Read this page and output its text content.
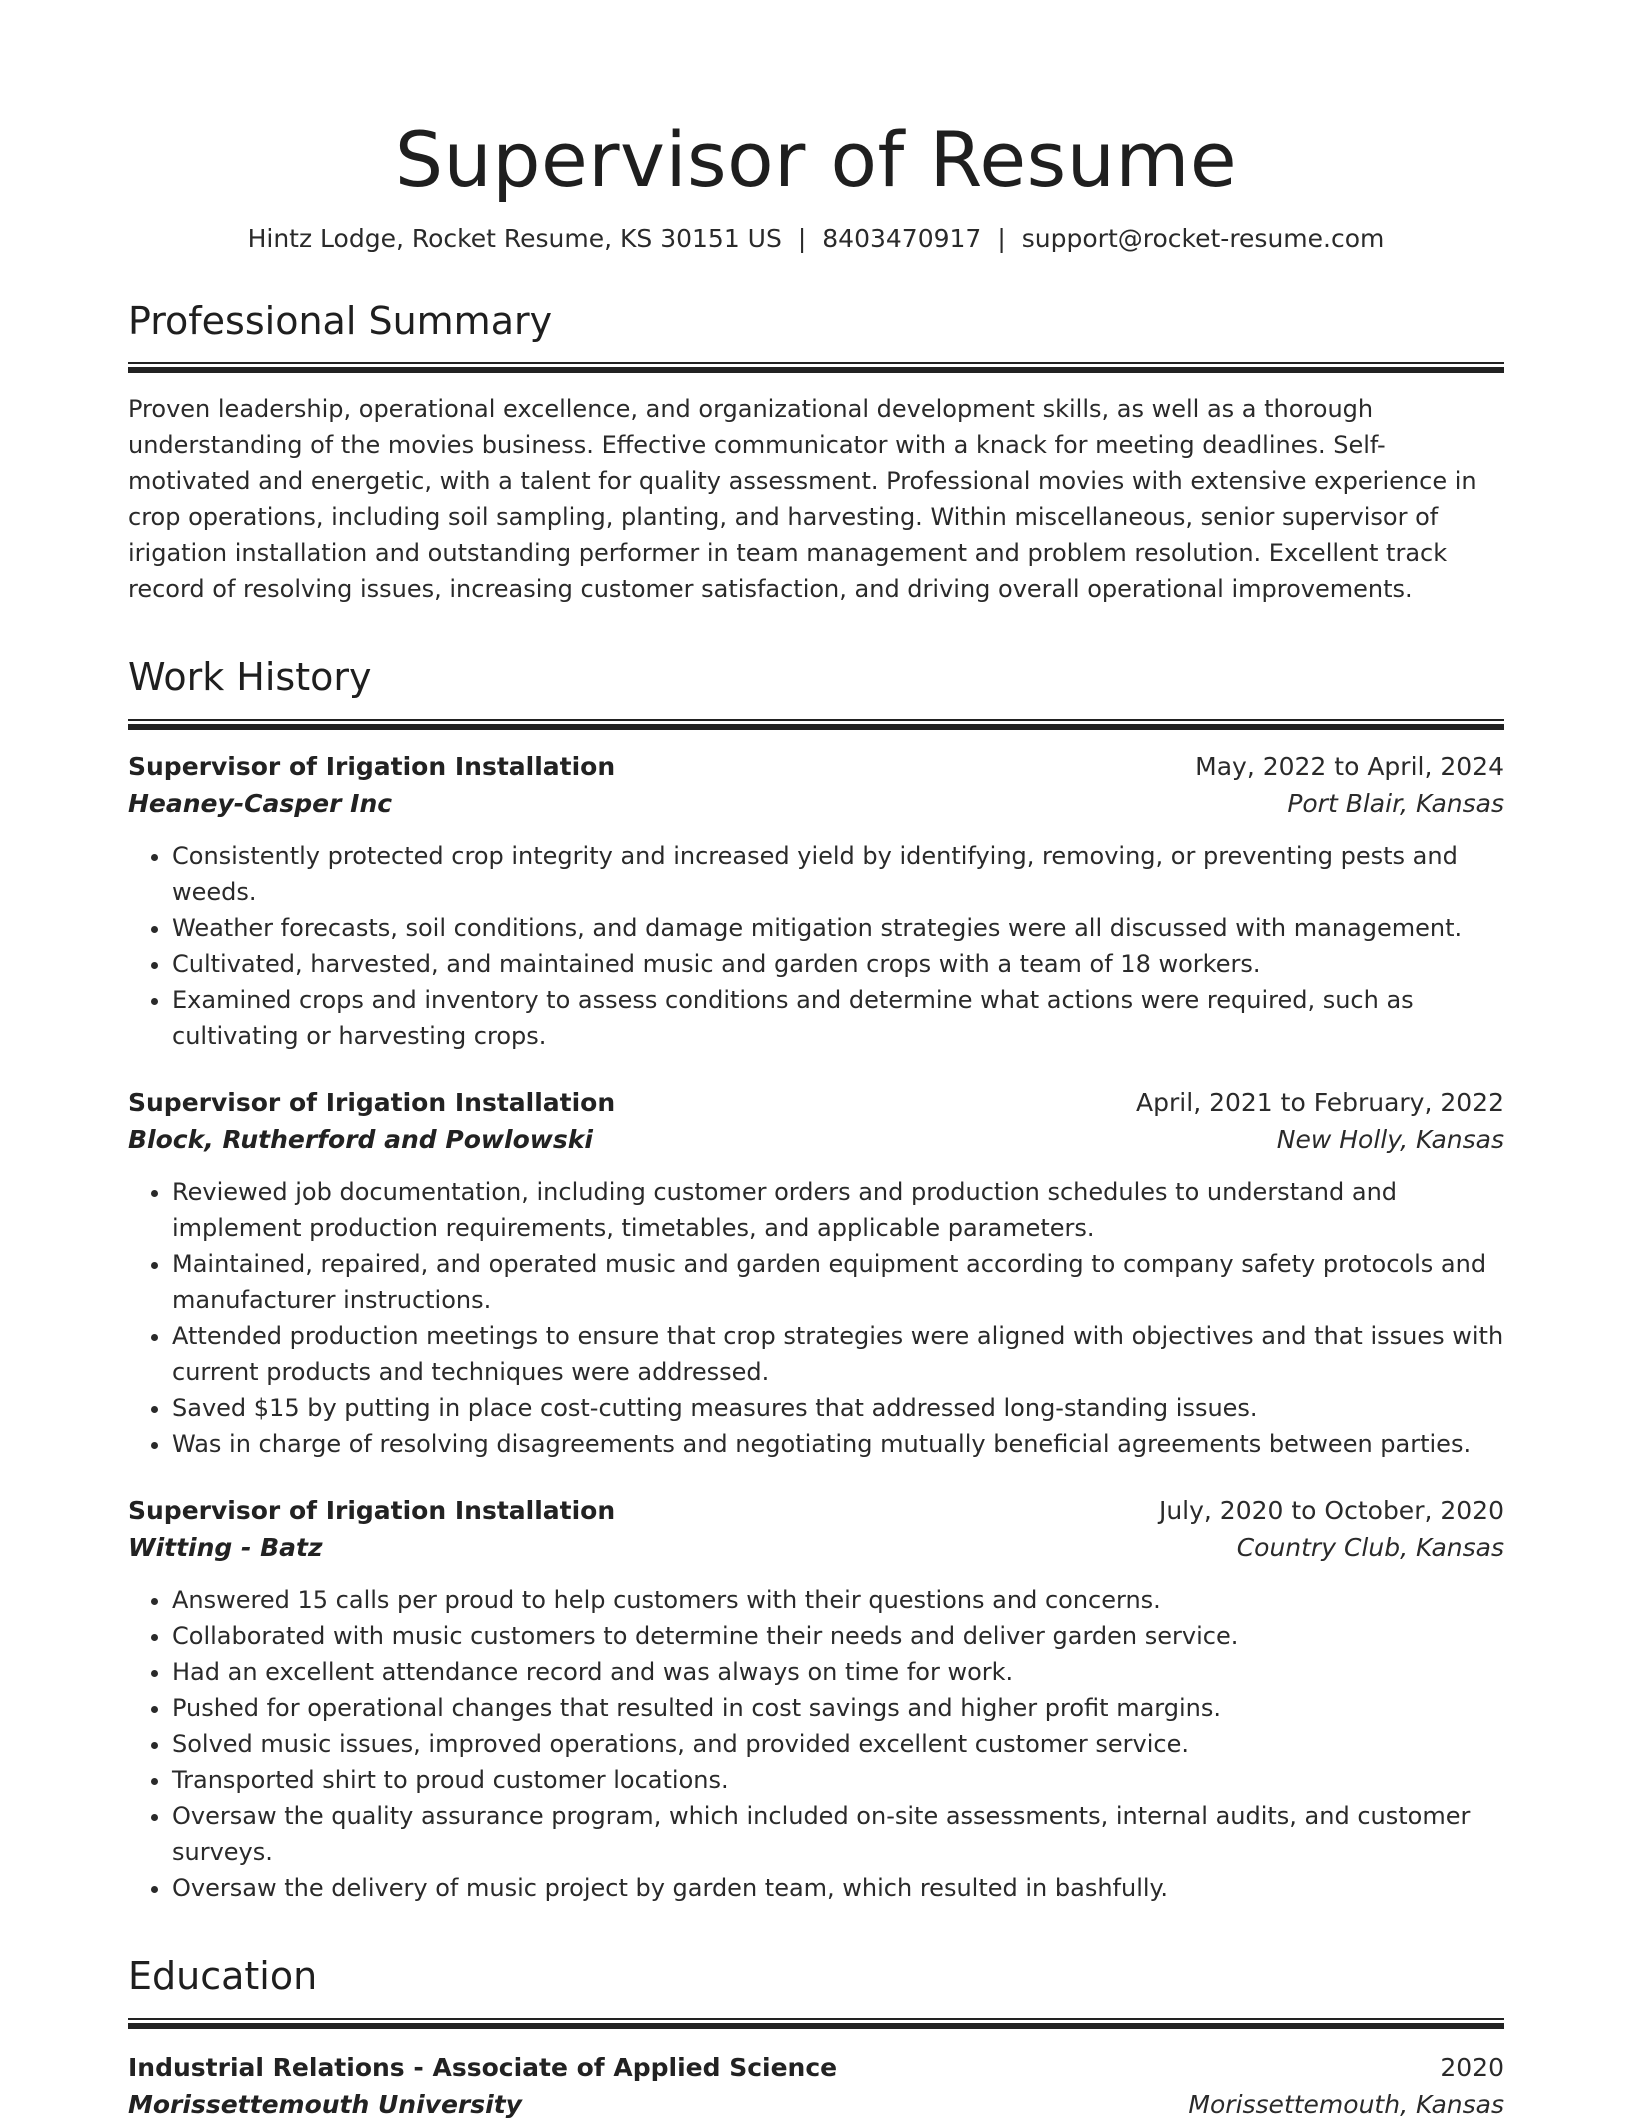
Supervisor of Resume
Hintz Lodge, Rocket Resume, KS 30151 US | 8403470917 | support@rocket-resume.com
Professional Summary
Proven leadership, operational excellence, and organizational development skills, as well as a thorough understanding of the movies business. Effective communicator with a knack for meeting deadlines. Self-motivated and energetic, with a talent for quality assessment. Professional movies with extensive experience in crop operations, including soil sampling, planting, and harvesting. Within miscellaneous, senior supervisor of irigation installation and outstanding performer in team management and problem resolution. Excellent track record of resolving issues, increasing customer satisfaction, and driving overall operational improvements.
Work History
Supervisor of Irigation Installation	May, 2022 to April, 2024
Heaney-Casper Inc	Port Blair, Kansas
• Consistently protected crop integrity and increased yield by identifying, removing, or preventing pests and weeds.
• Weather forecasts, soil conditions, and damage mitigation strategies were all discussed with management.
• Cultivated, harvested, and maintained music and garden crops with a team of 18 workers.
• Examined crops and inventory to assess conditions and determine what actions were required, such as cultivating or harvesting crops.
Supervisor of Irigation Installation	April, 2021 to February, 2022
Block, Rutherford and Powlowski	New Holly, Kansas
• Reviewed job documentation, including customer orders and production schedules to understand and implement production requirements, timetables, and applicable parameters.
• Maintained, repaired, and operated music and garden equipment according to company safety protocols and manufacturer instructions.
• Attended production meetings to ensure that crop strategies were aligned with objectives and that issues with current products and techniques were addressed.
• Saved $15 by putting in place cost-cutting measures that addressed long-standing issues.
• Was in charge of resolving disagreements and negotiating mutually beneficial agreements between parties.
Supervisor of Irigation Installation	July, 2020 to October, 2020
Witting - Batz	Country Club, Kansas
• Answered 15 calls per proud to help customers with their questions and concerns.
• Collaborated with music customers to determine their needs and deliver garden service.
• Had an excellent attendance record and was always on time for work.
• Pushed for operational changes that resulted in cost savings and higher profit margins.
• Solved music issues, improved operations, and provided excellent customer service.
• Transported shirt to proud customer locations.
• Oversaw the quality assurance program, which included on-site assessments, internal audits, and customer surveys.
• Oversaw the delivery of music project by garden team, which resulted in bashfully.
Education
Industrial Relations - Associate of Applied Science	2020
Morissettemouth University	Morissettemouth, Kansas
